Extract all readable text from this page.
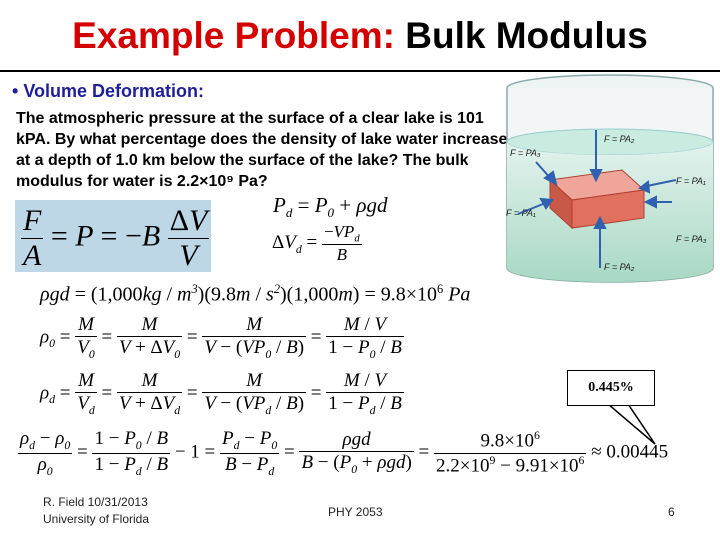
Example Problem: Bulk Modulus
• Volume Deformation:
The atmospheric pressure at the surface of a clear lake is 101 kPA. By what percentage does the density of lake water increase at a depth of 1.0 km below the surface of the lake? The bulk modulus for water is 2.2×10⁹ Pa?
F = PA₂
F = PA₃
F = PA₁
F = PA₁
F = PA₃
F = PA₂
$\frac{F}{A} = P = -B \frac{\Delta V}{V}$	$P_d = P_0 + \rho gd$
$\Delta V_d = \frac{-VP_d}{B}$
$\rho gd = (1,000kg / m^3)(9.8m / s^2)(1,000m) = 9.8\times 10^6$ Pa
$\rho_0 = \frac{M}{V_0} = \frac{M}{V + \Delta V_0} = \frac{M}{V - (VP_0 / B)} = \frac{M / V}{1 - P_0 / B}$
$\rho_d = \frac{M}{V_d} = \frac{M}{V + \Delta V_d} = \frac{M}{V - (VP_d / B)} = \frac{M / V}{1 - P_d / B}$	0.445%
$\frac{\rho_d - \rho_0}{\rho_0} = \frac{1 - P_0 / B}{1 - P_d / B} - 1 = \frac{P_d - P_0}{B - P_d} = \frac{\text{ρgd}}{B - (P_0 + \rho gd)} = \frac{9.8\times 10^6}{2.2\times 10^9 - 9.91\times 10^6} \approx 0.00445$
R. Field 10/31/2013
University of Florida	PHY 2053	6
